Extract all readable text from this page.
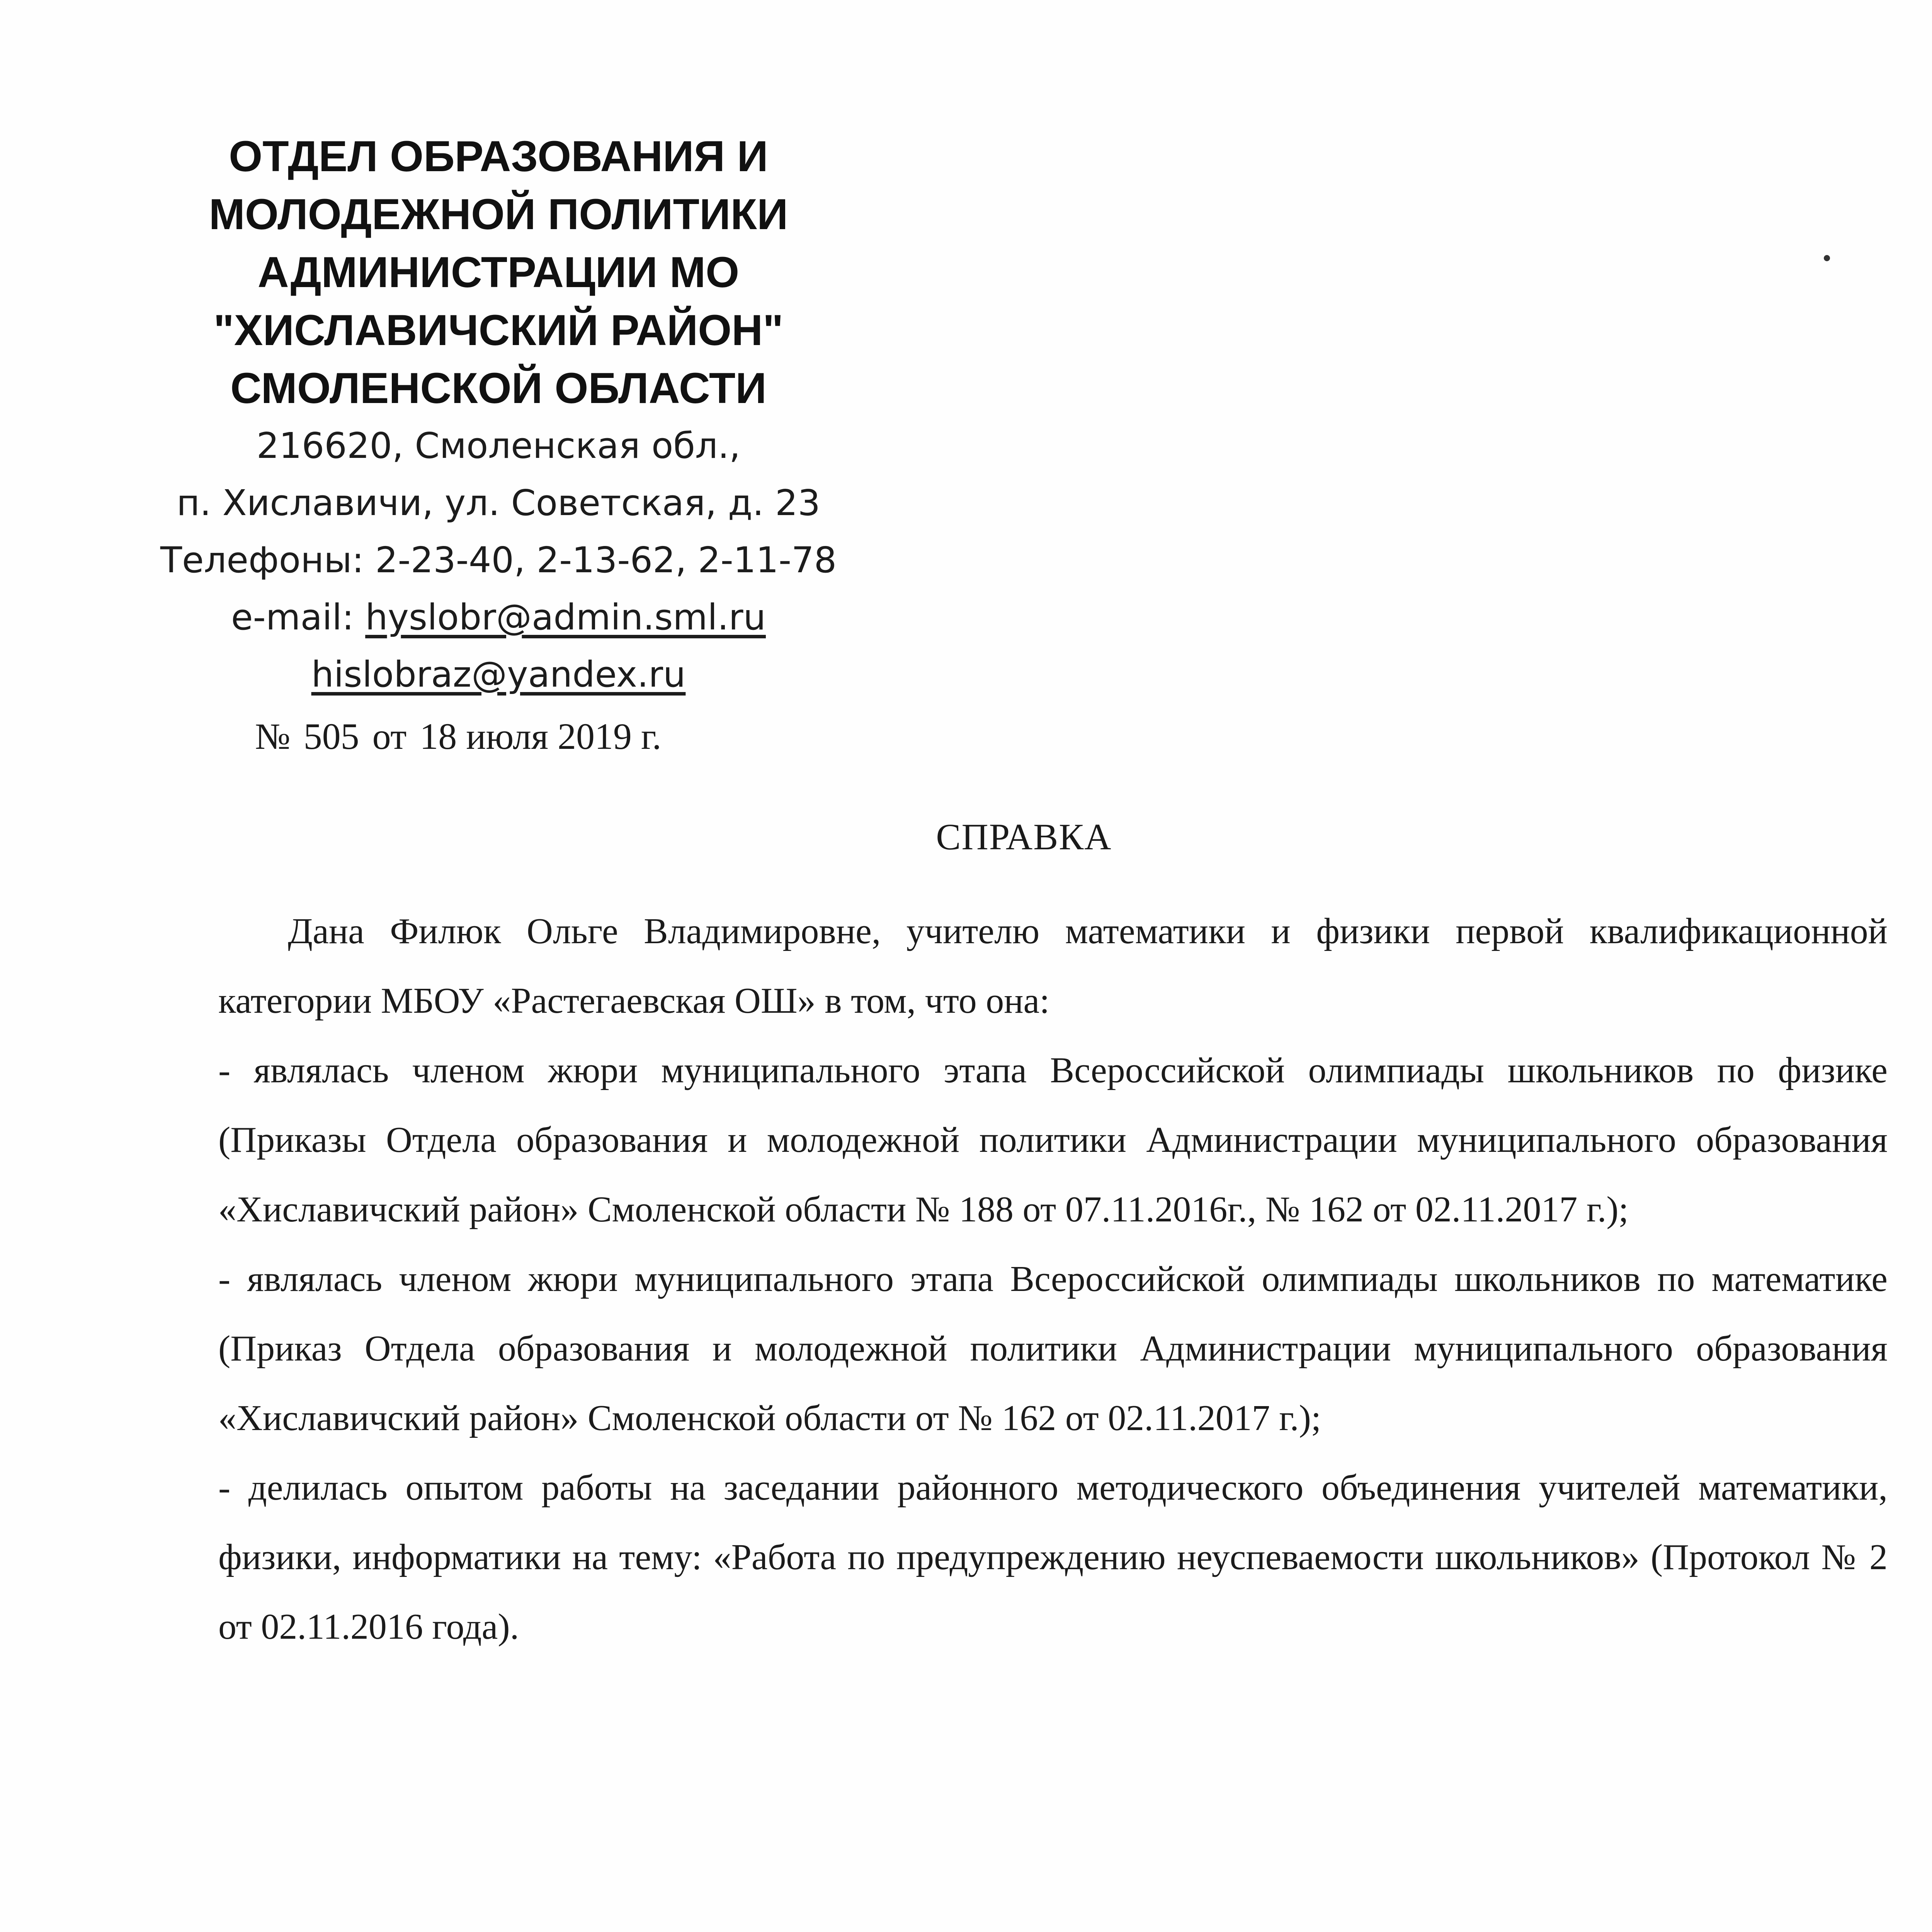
ОТДЕЛ ОБРАЗОВАНИЯ И
МОЛОДЕЖНОЙ ПОЛИТИКИ
АДМИНИСТРАЦИИ МО
"ХИСЛАВИЧСКИЙ РАЙОН"
СМОЛЕНСКОЙ ОБЛАСТИ
216620, Смоленская обл.,
п. Хиславичи, ул. Советская, д. 23
Телефоны: 2-23-40, 2-13-62, 2-11-78
e-mail: hyslobr@admin.sml.ru
hislobraz@yandex.ru
№ 505 от 18 июля 2019 г.
СПРАВКА

Дана Филюк Ольге Владимировне, учителю математики и физики первой квалификационной категории МБОУ «Растегаевская ОШ» в том, что она:

- являлась членом жюри муниципального этапа Всероссийской олимпиады школьников по физике (Приказы Отдела образования и молодежной политики Администрации муниципального образования «Хиславичский район» Смоленской области № 188 от 07.11.2016г., № 162 от 02.11.2017 г.);

- являлась членом жюри муниципального этапа Всероссийской олимпиады школьников по математике (Приказ Отдела образования и молодежной политики Администрации муниципального образования «Хиславичский район» Смоленской области от № 162 от 02.11.2017 г.);

- делилась опытом работы на заседании районного методического объединения учителей математики, физики, информатики на тему: «Работа по предупреждению неуспеваемости школьников» (Протокол № 2 от 02.11.2016 года).
